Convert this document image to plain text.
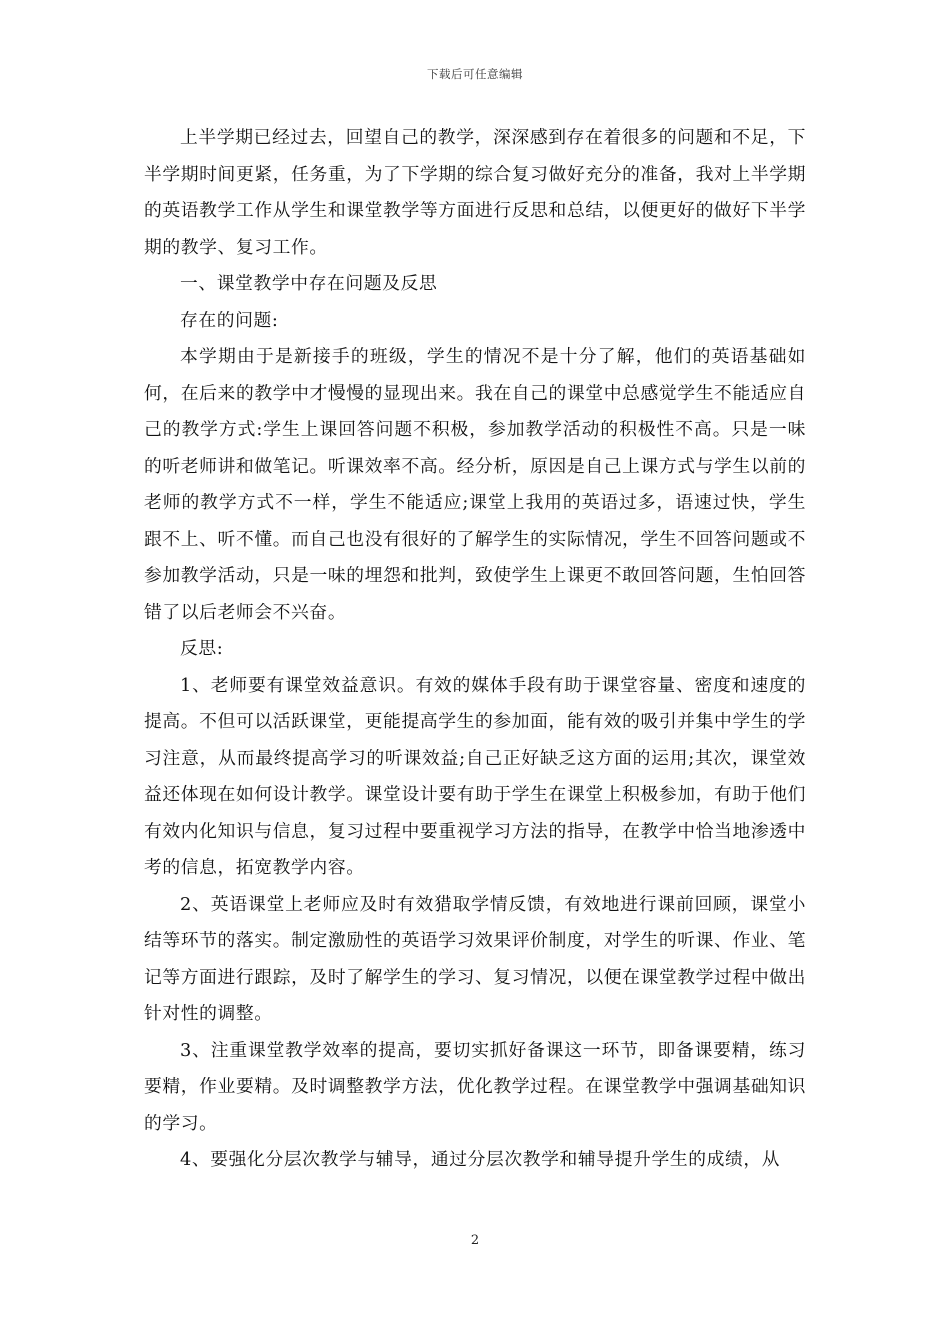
下载后可任意编辑

上半学期已经过去，回望自己的教学，深深感到存在着很多的问题和不足，下半学期时间更紧，任务重，为了下学期的综合复习做好充分的准备，我对上半学期的英语教学工作从学生和课堂教学等方面进行反思和总结，以便更好的做好下半学期的教学、复习工作。

一、课堂教学中存在问题及反思

存在的问题:

本学期由于是新接手的班级，学生的情况不是十分了解，他们的英语基础如何，在后来的教学中才慢慢的显现出来。我在自己的课堂中总感觉学生不能适应自己的教学方式:学生上课回答问题不积极，参加教学活动的积极性不高。只是一味的听老师讲和做笔记。听课效率不高。经分析，原因是自己上课方式与学生以前的老师的教学方式不一样，学生不能适应;课堂上我用的英语过多，语速过快，学生跟不上、听不懂。而自己也没有很好的了解学生的实际情况，学生不回答问题或不参加教学活动，只是一味的埋怨和批判，致使学生上课更不敢回答问题，生怕回答错了以后老师会不兴奋。

反思:

1、老师要有课堂效益意识。有效的媒体手段有助于课堂容量、密度和速度的提高。不但可以活跃课堂，更能提高学生的参加面，能有效的吸引并集中学生的学习注意，从而最终提高学习的听课效益;自己正好缺乏这方面的运用;其次，课堂效益还体现在如何设计教学。课堂设计要有助于学生在课堂上积极参加，有助于他们有效内化知识与信息，复习过程中要重视学习方法的指导，在教学中恰当地渗透中考的信息，拓宽教学内容。

2、英语课堂上老师应及时有效猎取学情反馈，有效地进行课前回顾，课堂小结等环节的落实。制定激励性的英语学习效果评价制度，对学生的听课、作业、笔记等方面进行跟踪，及时了解学生的学习、复习情况，以便在课堂教学过程中做出针对性的调整。

3、注重课堂教学效率的提高，要切实抓好备课这一环节，即备课要精，练习要精，作业要精。及时调整教学方法，优化教学过程。在课堂教学中强调基础知识的学习。

4、要强化分层次教学与辅导，通过分层次教学和辅导提升学生的成绩，从

2
